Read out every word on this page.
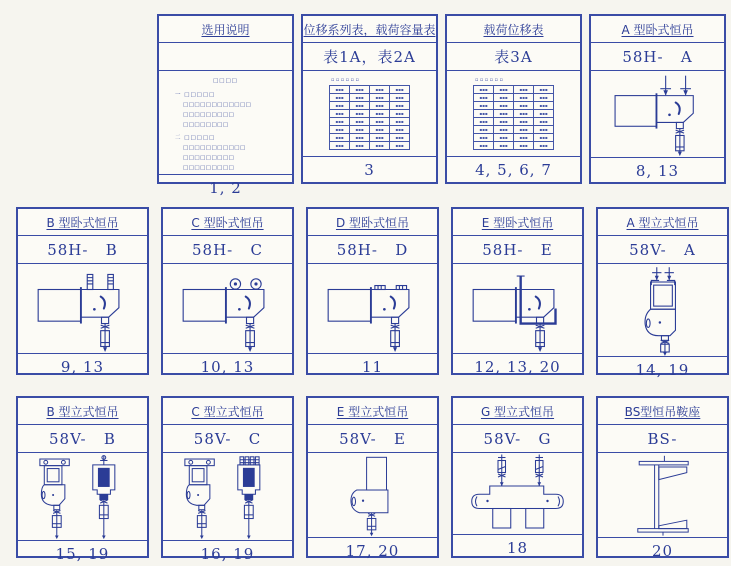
选用说明
□□□□
一 □□□□□
□□□□□□□□□□□□
□□□□□□□□□
□□□□□□□□
二 □□□□□
□□□□□□□□□□□
□□□□□□□□□
□□□□□□□□□
1, 2
位移系列表，载荷容量表
表1A，表2A
▫▫▫▫▫▫
▪▪▪	▪▪▪	▪▪▪	▪▪▪
▪▪▪	▪▪▪	▪▪▪	▪▪▪
▪▪▪	▪▪▪	▪▪▪	▪▪▪
▪▪▪	▪▪▪	▪▪▪	▪▪▪
▪▪▪	▪▪▪	▪▪▪	▪▪▪
▪▪▪	▪▪▪	▪▪▪	▪▪▪
▪▪▪	▪▪▪	▪▪▪	▪▪▪
▪▪▪	▪▪▪	▪▪▪	▪▪▪
3
载荷位移表
表3A
▫▫▫▫▫▫
▪▪▪	▪▪▪	▪▪▪	▪▪▪
▪▪▪	▪▪▪	▪▪▪	▪▪▪
▪▪▪	▪▪▪	▪▪▪	▪▪▪
▪▪▪	▪▪▪	▪▪▪	▪▪▪
▪▪▪	▪▪▪	▪▪▪	▪▪▪
▪▪▪	▪▪▪	▪▪▪	▪▪▪
▪▪▪	▪▪▪	▪▪▪	▪▪▪
▪▪▪	▪▪▪	▪▪▪	▪▪▪
4, 5, 6, 7
A 型卧式恒吊
58H-   A
8, 13
B 型卧式恒吊
58H-   B
9, 13
C 型卧式恒吊
58H-   C
10, 13
D 型卧式恒吊
58H-   D
11
E 型卧式恒吊
58H-   E
12, 13, 20
A 型立式恒吊
58V-   A
14, 19
B 型立式恒吊
58V-   B
15, 19
C 型立式恒吊
58V-   C
16, 19
E 型立式恒吊
58V-   E
17, 20
G 型立式恒吊
58V-   G
18
BS型恒吊鞍座
BS-
20
